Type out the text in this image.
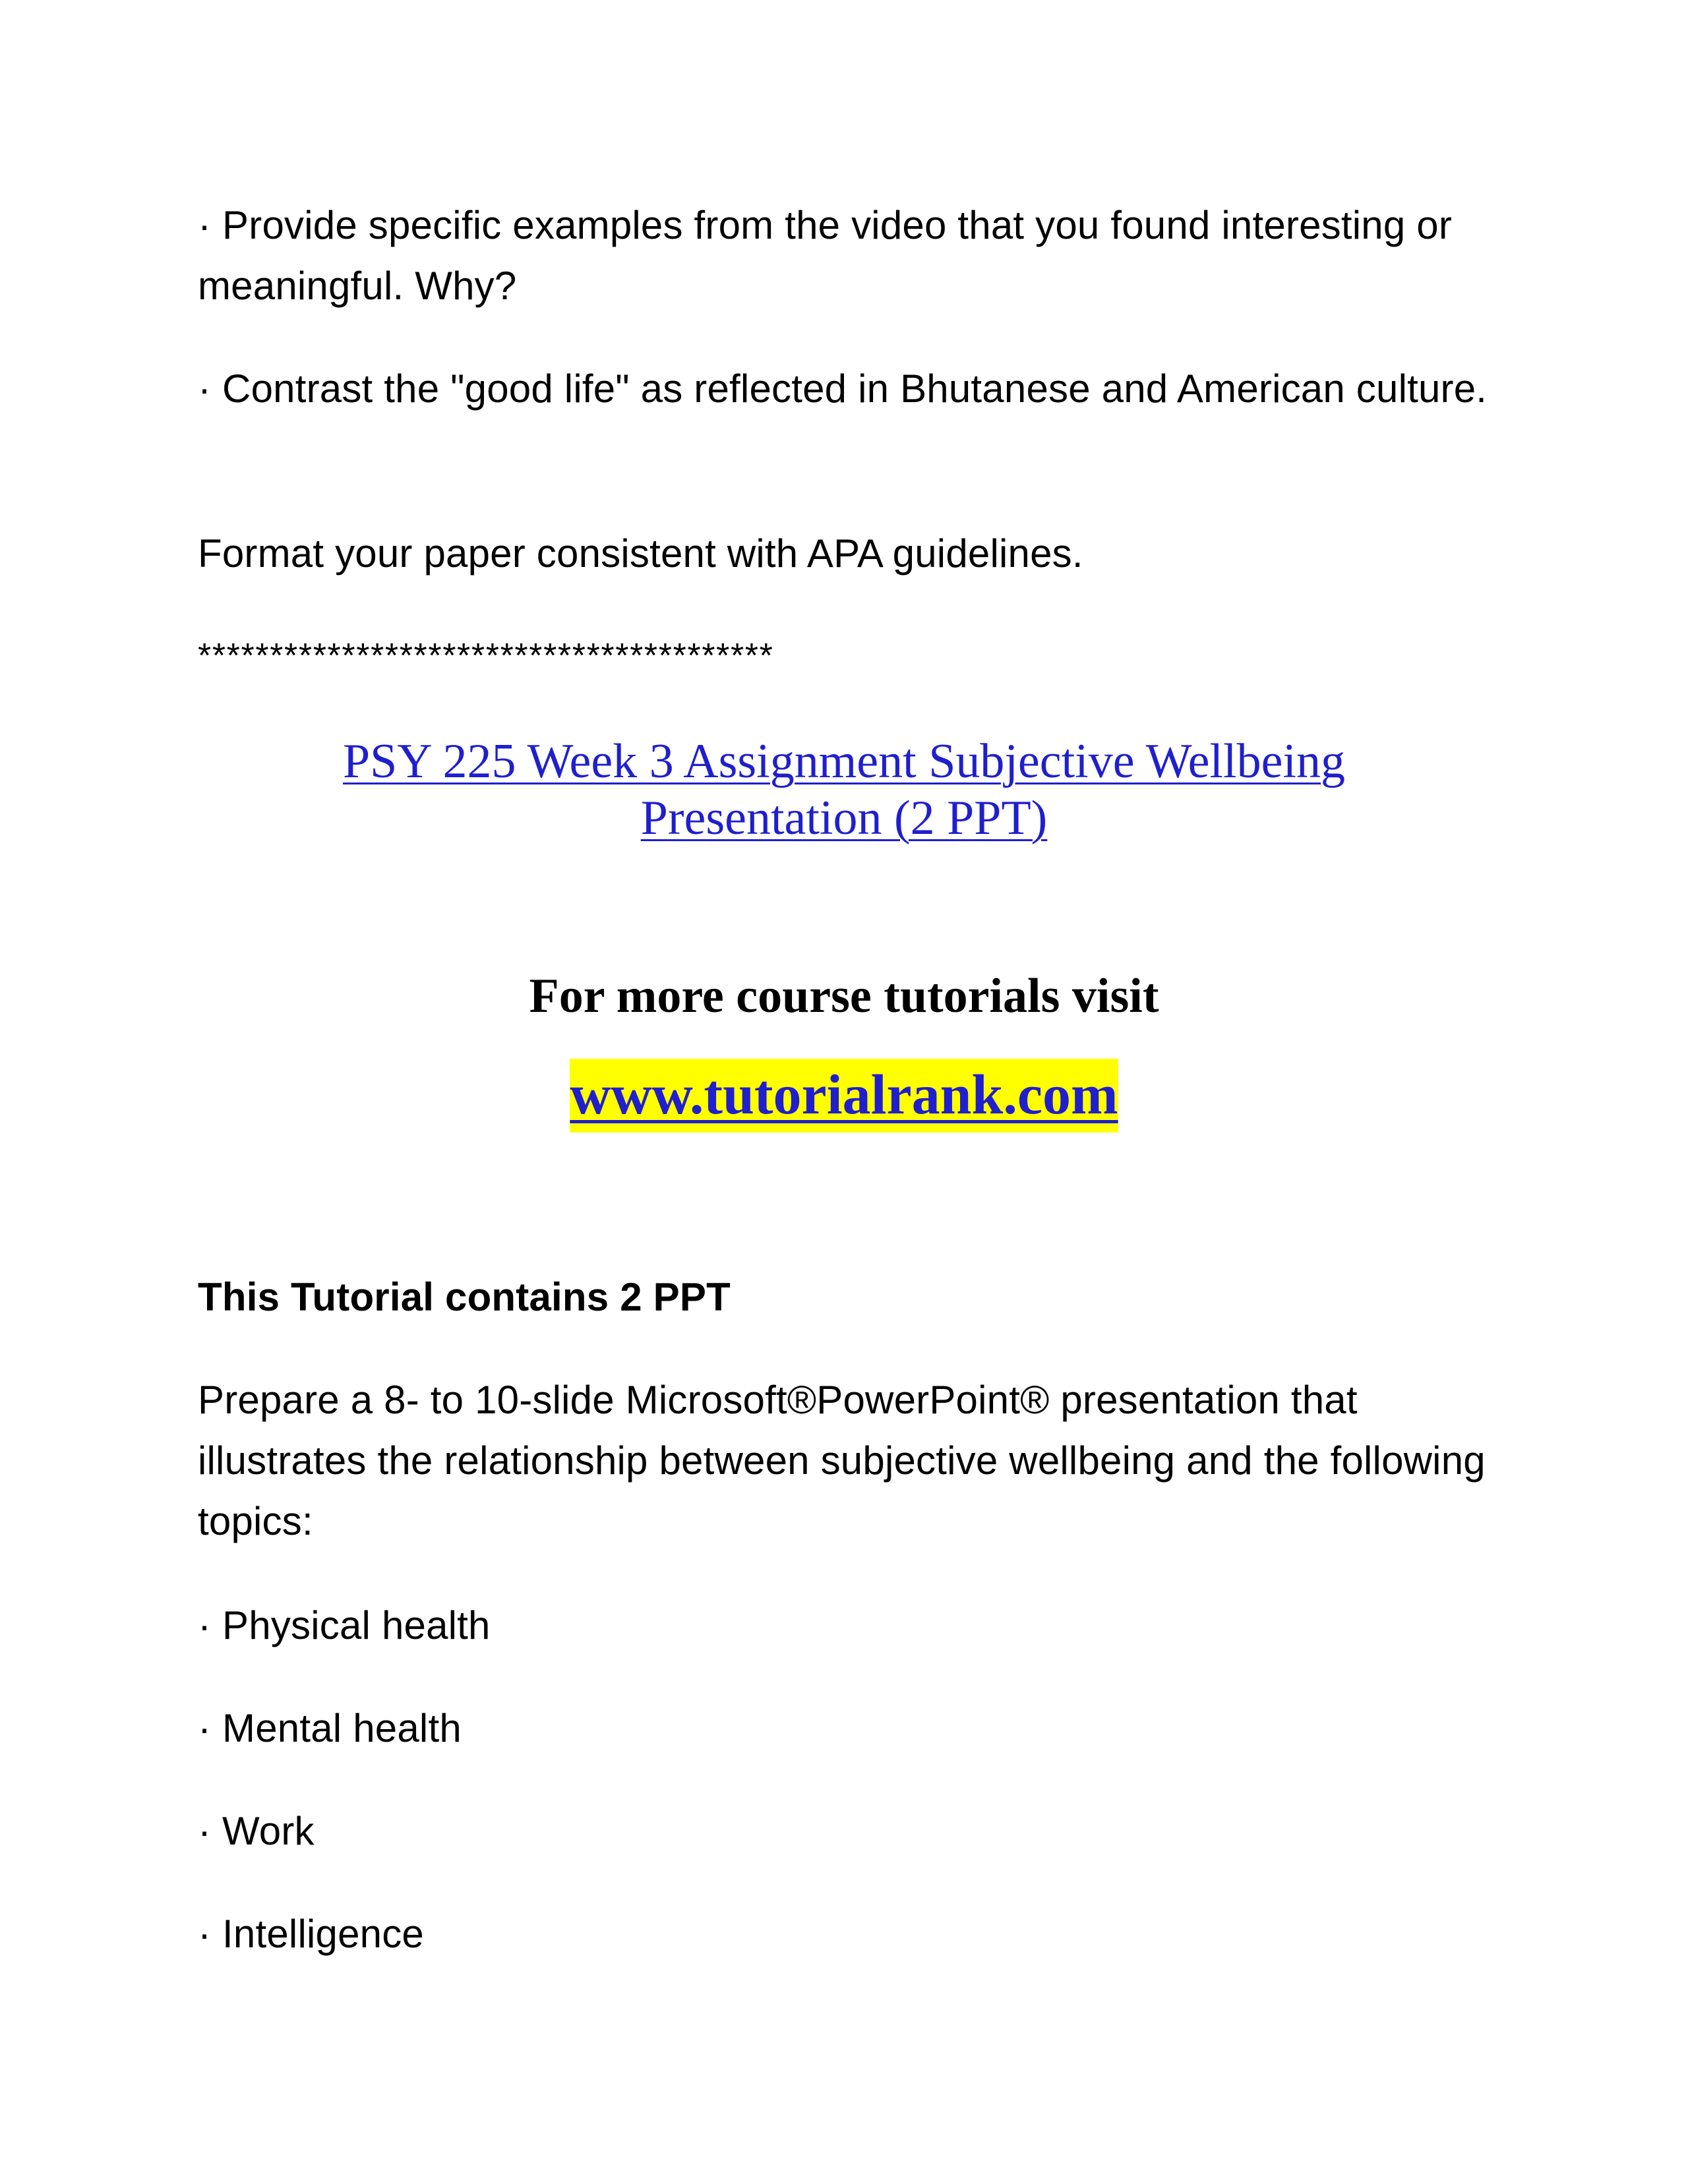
· Provide specific examples from the video that you found interesting or meaningful. Why?

· Contrast the "good life" as reflected in Bhutanese and American culture.

Format your paper consistent with APA guidelines.

****************************************

PSY 225 Week 3 Assignment Subjective Wellbeing
Presentation (2 PPT)

For more course tutorials visit

www.tutorialrank.com

This Tutorial contains 2 PPT

Prepare a 8- to 10-slide Microsoft®PowerPoint® presentation that illustrates the relationship between subjective wellbeing and the following topics:

· Physical health

· Mental health

· Work

· Intelligence
